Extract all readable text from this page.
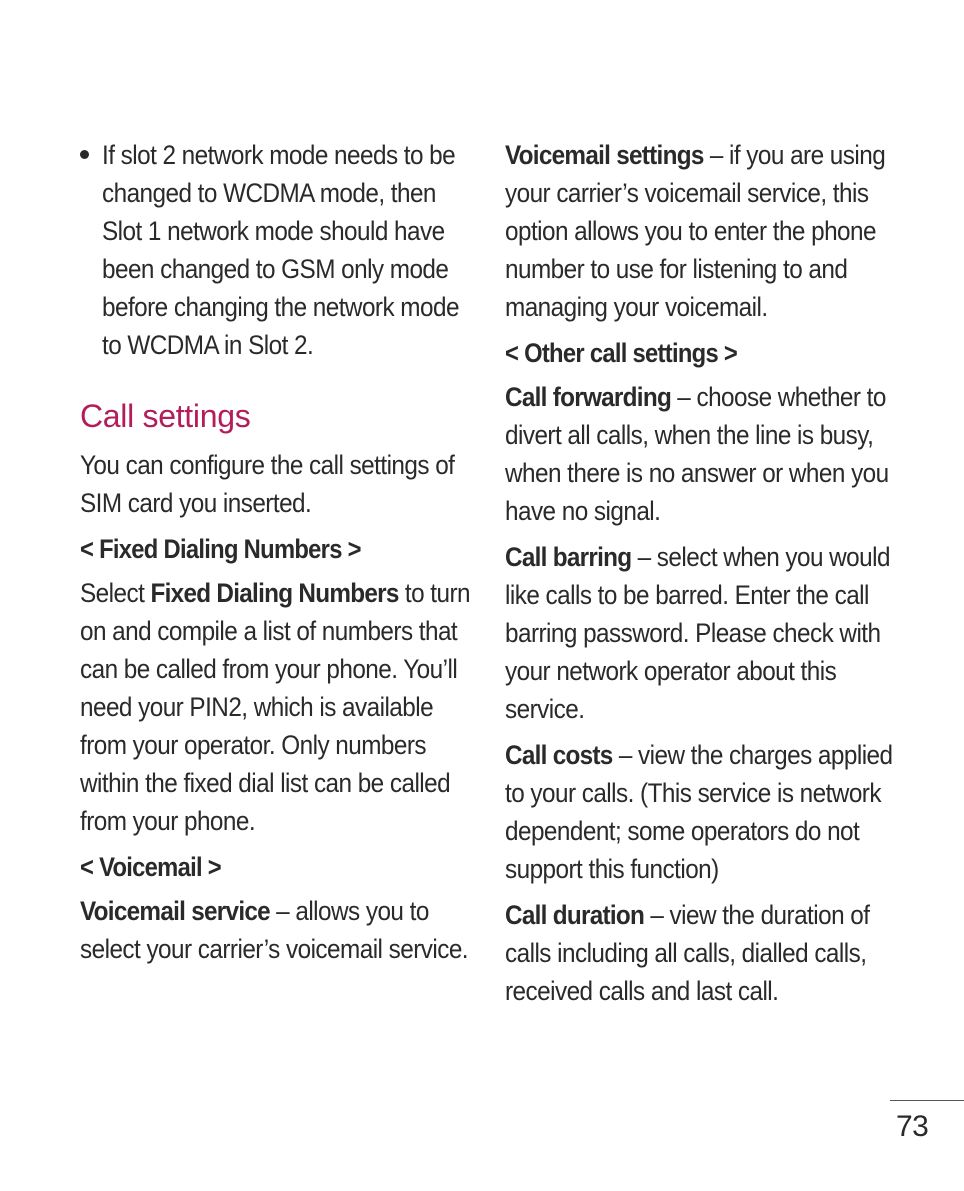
If slot 2 network mode needs to be changed to WCDMA mode, then Slot 1 network mode should have been changed to GSM only mode before changing the network mode to WCDMA in Slot 2.

Call settings

You can configure the call settings of SIM card you inserted.

< Fixed Dialing Numbers >

Select Fixed Dialing Numbers to turn on and compile a list of numbers that can be called from your phone. You’ll need your PIN2, which is available from your operator. Only numbers within the fixed dial list can be called from your phone.

< Voicemail >

Voicemail service – allows you to select your carrier’s voicemail service.

Voicemail settings – if you are using your carrier’s voicemail service, this option allows you to enter the phone number to use for listening to and managing your voicemail.

< Other call settings >

Call forwarding – choose whether to divert all calls, when the line is busy, when there is no answer or when you have no signal.

Call barring – select when you would like calls to be barred. Enter the call barring password. Please check with your network operator about this service.

Call costs – view the charges applied to your calls. (This service is network dependent; some operators do not support this function)

Call duration – view the duration of calls including all calls, dialled calls, received calls and last call.

73
